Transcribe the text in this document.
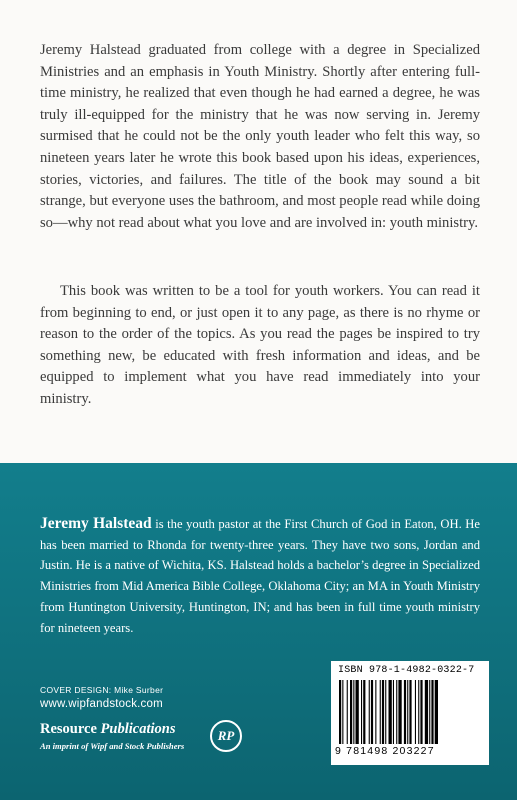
Jeremy Halstead graduated from college with a degree in Specialized Ministries and an emphasis in Youth Ministry. Shortly after entering full-time ministry, he realized that even though he had earned a degree, he was truly ill-equipped for the ministry that he was now serving in. Jeremy surmised that he could not be the only youth leader who felt this way, so nineteen years later he wrote this book based upon his ideas, experiences, stories, victories, and failures. The title of the book may sound a bit strange, but everyone uses the bathroom, and most people read while doing so—why not read about what you love and are involved in: youth ministry.

This book was written to be a tool for youth workers. You can read it from beginning to end, or just open it to any page, as there is no rhyme or reason to the order of the topics. As you read the pages be inspired to try something new, be educated with fresh information and ideas, and be equipped to implement what you have read immediately into your ministry.

Jeremy Halstead is the youth pastor at the First Church of God in Eaton, OH. He has been married to Rhonda for twenty-three years. They have two sons, Jordan and Justin. He is a native of Wichita, KS. Halstead holds a bachelor’s degree in Specialized Ministries from Mid America Bible College, Oklahoma City; an MA in Youth Ministry from Huntington University, Huntington, IN; and has been in full time youth ministry for nineteen years.

COVER DESIGN: Mike Surber
www.wipfandstock.com
Resource Publications
An imprint of Wipf and Stock Publishers
RP
ISBN 978-1-4982-0322-7
9 781498 203227
